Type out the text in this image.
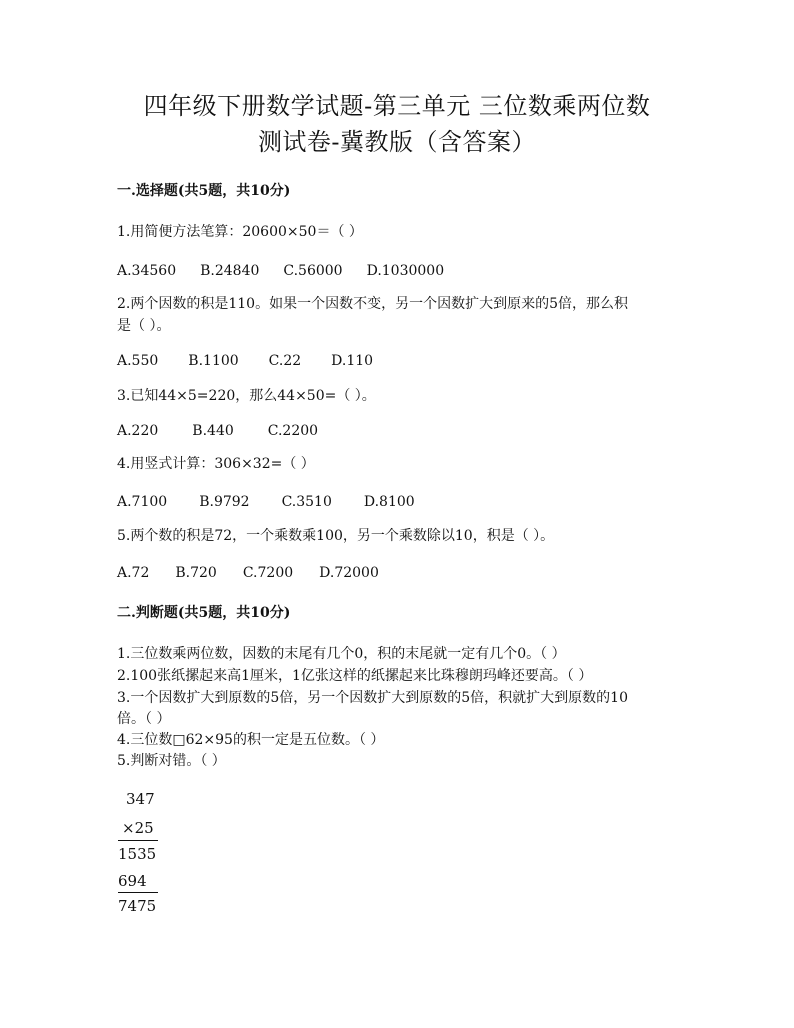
四年级下册数学试题-第三单元 三位数乘两位数
测试卷-冀教版（含答案）
一.选择题(共5题，共10分)
1.用简便方法笔算：20600×50＝（ ）
A.34560 B.24840 C.56000 D.1030000
2.两个因数的积是110。如果一个因数不变，另一个因数扩大到原来的5倍，那么积
是（ ）。
A.550 B.1100 C.22 D.110
3.已知44×5=220，那么44×50=（ ）。
A.220 B.440 C.2200
4.用竖式计算：306×32=（ ）
A.7100 B.9792 C.3510 D.8100
5.两个数的积是72，一个乘数乘100，另一个乘数除以10，积是（ ）。
A.72 B.720 C.7200 D.72000
二.判断题(共5题，共10分)
1.三位数乘两位数，因数的末尾有几个0，积的末尾就一定有几个0。（ ）
2.100张纸摞起来高1厘米，1亿张这样的纸摞起来比珠穆朗玛峰还要高。（ ）
3.一个因数扩大到原数的5倍，另一个因数扩大到原数的5倍，积就扩大到原数的10
倍。（ ）
4.三位数□62×95的积一定是五位数。（ ）
5.判断对错。（ ）
347
×25
1535
694
7475
